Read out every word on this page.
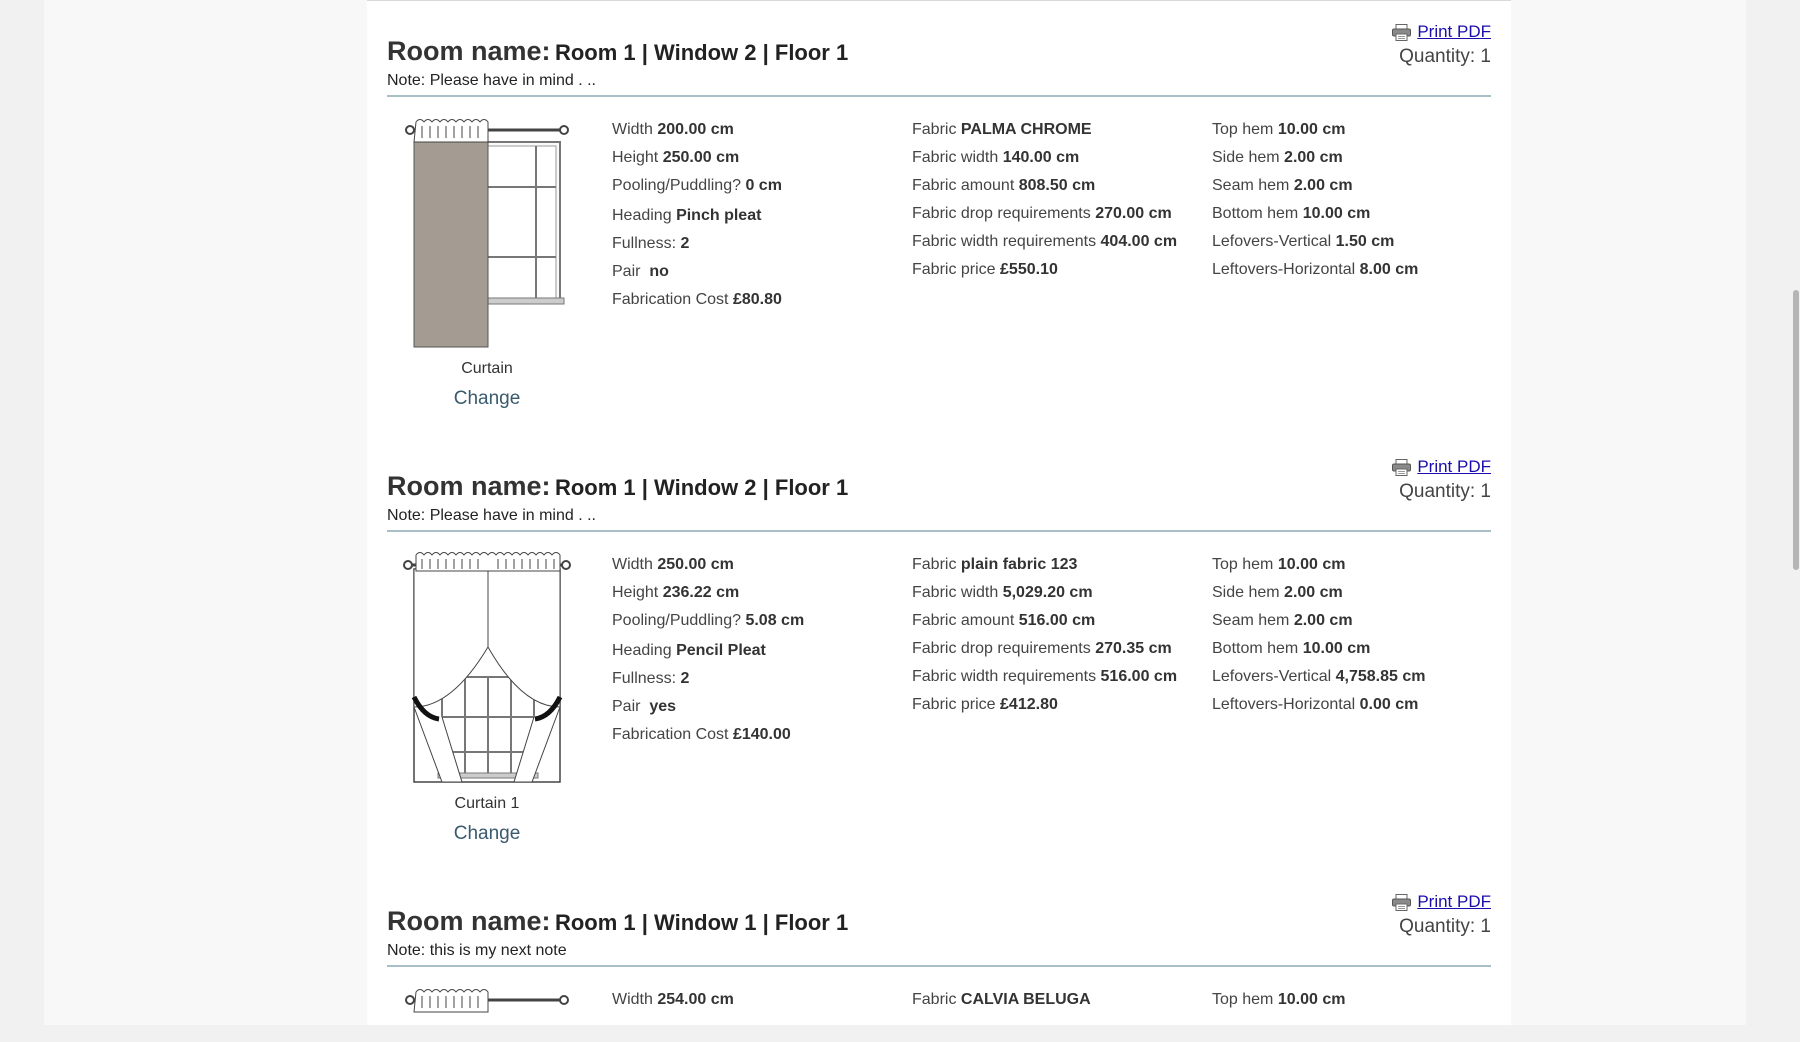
Print PDF
Quantity: 1
Room name: Room 1 | Window 2 | Floor 1
Note: Please have in mind . ..
Curtain
Change
Width 200.00 cm
Height 250.00 cm
Pooling/Puddling? 0 cm
Heading Pinch pleat
Fullness: 2
Pair no
Fabrication Cost £80.80
Fabric PALMA CHROME
Fabric width 140.00 cm
Fabric amount 808.50 cm
Fabric drop requirements 270.00 cm
Fabric width requirements 404.00 cm
Fabric price £550.10
Top hem 10.00 cm
Side hem 2.00 cm
Seam hem 2.00 cm
Bottom hem 10.00 cm
Lefovers-Vertical 1.50 cm
Leftovers-Horizontal 8.00 cm
Print PDF
Quantity: 1
Room name: Room 1 | Window 2 | Floor 1
Note: Please have in mind . ..
Curtain 1
Change
Width 250.00 cm
Height 236.22 cm
Pooling/Puddling? 5.08 cm
Heading Pencil Pleat
Fullness: 2
Pair yes
Fabrication Cost £140.00
Fabric plain fabric 123
Fabric width 5,029.20 cm
Fabric amount 516.00 cm
Fabric drop requirements 270.35 cm
Fabric width requirements 516.00 cm
Fabric price £412.80
Top hem 10.00 cm
Side hem 2.00 cm
Seam hem 2.00 cm
Bottom hem 10.00 cm
Lefovers-Vertical 4,758.85 cm
Leftovers-Horizontal 0.00 cm
Print PDF
Quantity: 1
Room name: Room 1 | Window 1 | Floor 1
Note: this is my next note
Width 254.00 cm	Fabric CALVIA BELUGA	Top hem 10.00 cm
